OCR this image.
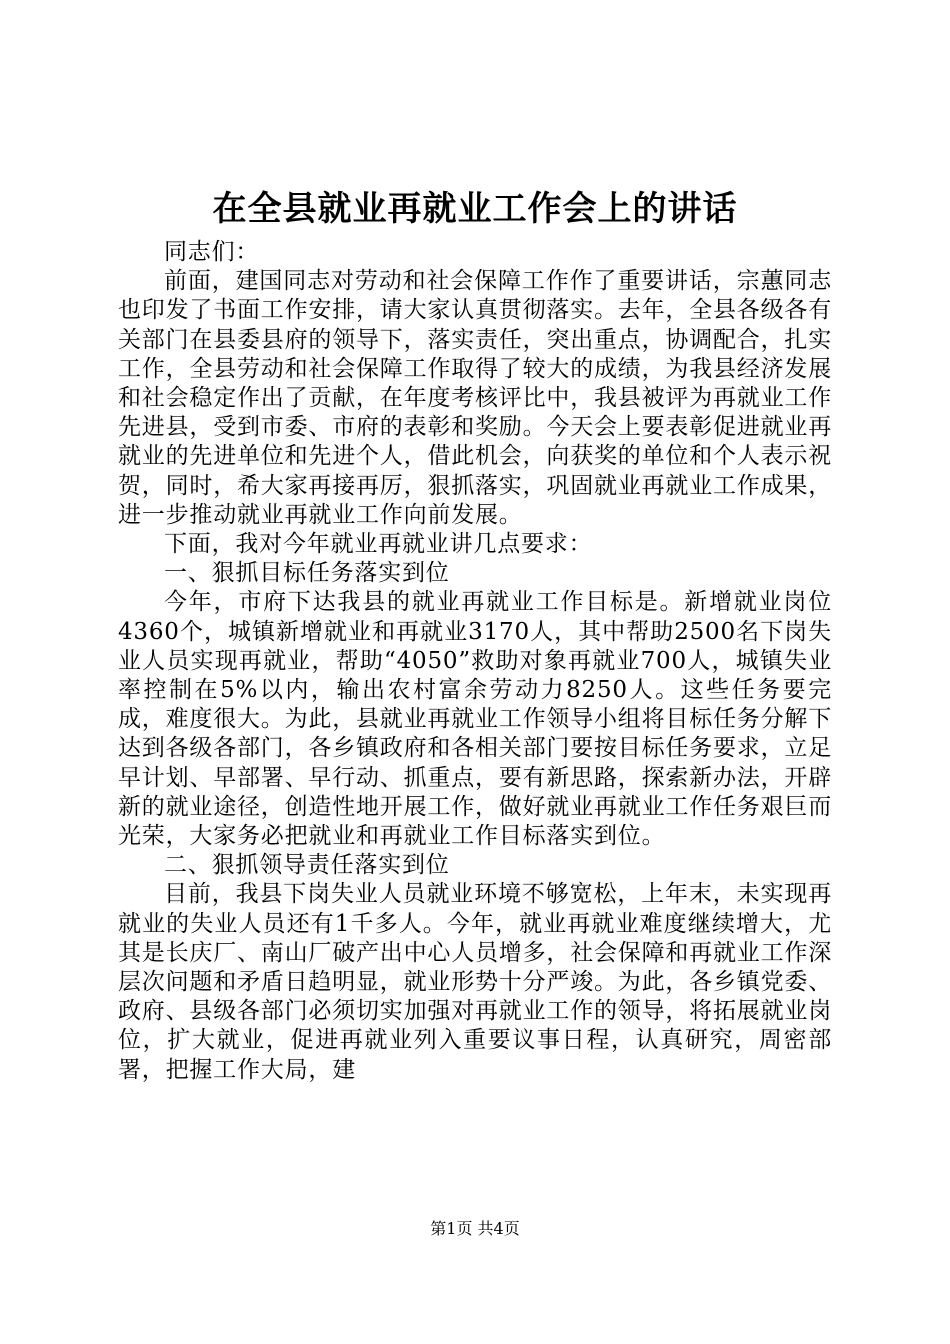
在全县就业再就业工作会上的讲话

同志们：

前面，建国同志对劳动和社会保障工作作了重要讲话，宗蕙同志也印发了书面工作安排，请大家认真贯彻落实。去年，全县各级各有关部门在县委县府的领导下，落实责任，突出重点，协调配合，扎实工作，全县劳动和社会保障工作取得了较大的成绩，为我县经济发展和社会稳定作出了贡献，在年度考核评比中，我县被评为再就业工作先进县，受到市委、市府的表彰和奖励。今天会上要表彰促进就业再就业的先进单位和先进个人，借此机会，向获奖的单位和个人表示祝贺，同时，希大家再接再厉，狠抓落实，巩固就业再就业工作成果，进一步推动就业再就业工作向前发展。

下面，我对今年就业再就业讲几点要求：

一、狠抓目标任务落实到位

今年，市府下达我县的就业再就业工作目标是。新增就业岗位4360个，城镇新增就业和再就业3170人，其中帮助2500名下岗失业人员实现再就业，帮助“4050”救助对象再就业700人，城镇失业率控制在5%以内，输出农村富余劳动力8250人。这些任务要完成，难度很大。为此，县就业再就业工作领导小组将目标任务分解下达到各级各部门，各乡镇政府和各相关部门要按目标任务要求，立足早计划、早部署、早行动、抓重点，要有新思路，探索新办法，开辟新的就业途径，创造性地开展工作，做好就业再就业工作任务艰巨而光荣，大家务必把就业和再就业工作目标落实到位。

二、狠抓领导责任落实到位

目前，我县下岗失业人员就业环境不够宽松，上年末，未实现再就业的失业人员还有1千多人。今年，就业再就业难度继续增大，尤其是长庆厂、南山厂破产出中心人员增多，社会保障和再就业工作深层次问题和矛盾日趋明显，就业形势十分严竣。为此，各乡镇党委、政府、县级各部门必须切实加强对再就业工作的领导，将拓展就业岗位，扩大就业，促进再就业列入重要议事日程，认真研究，周密部署，把握工作大局，建

第1页 共4页
